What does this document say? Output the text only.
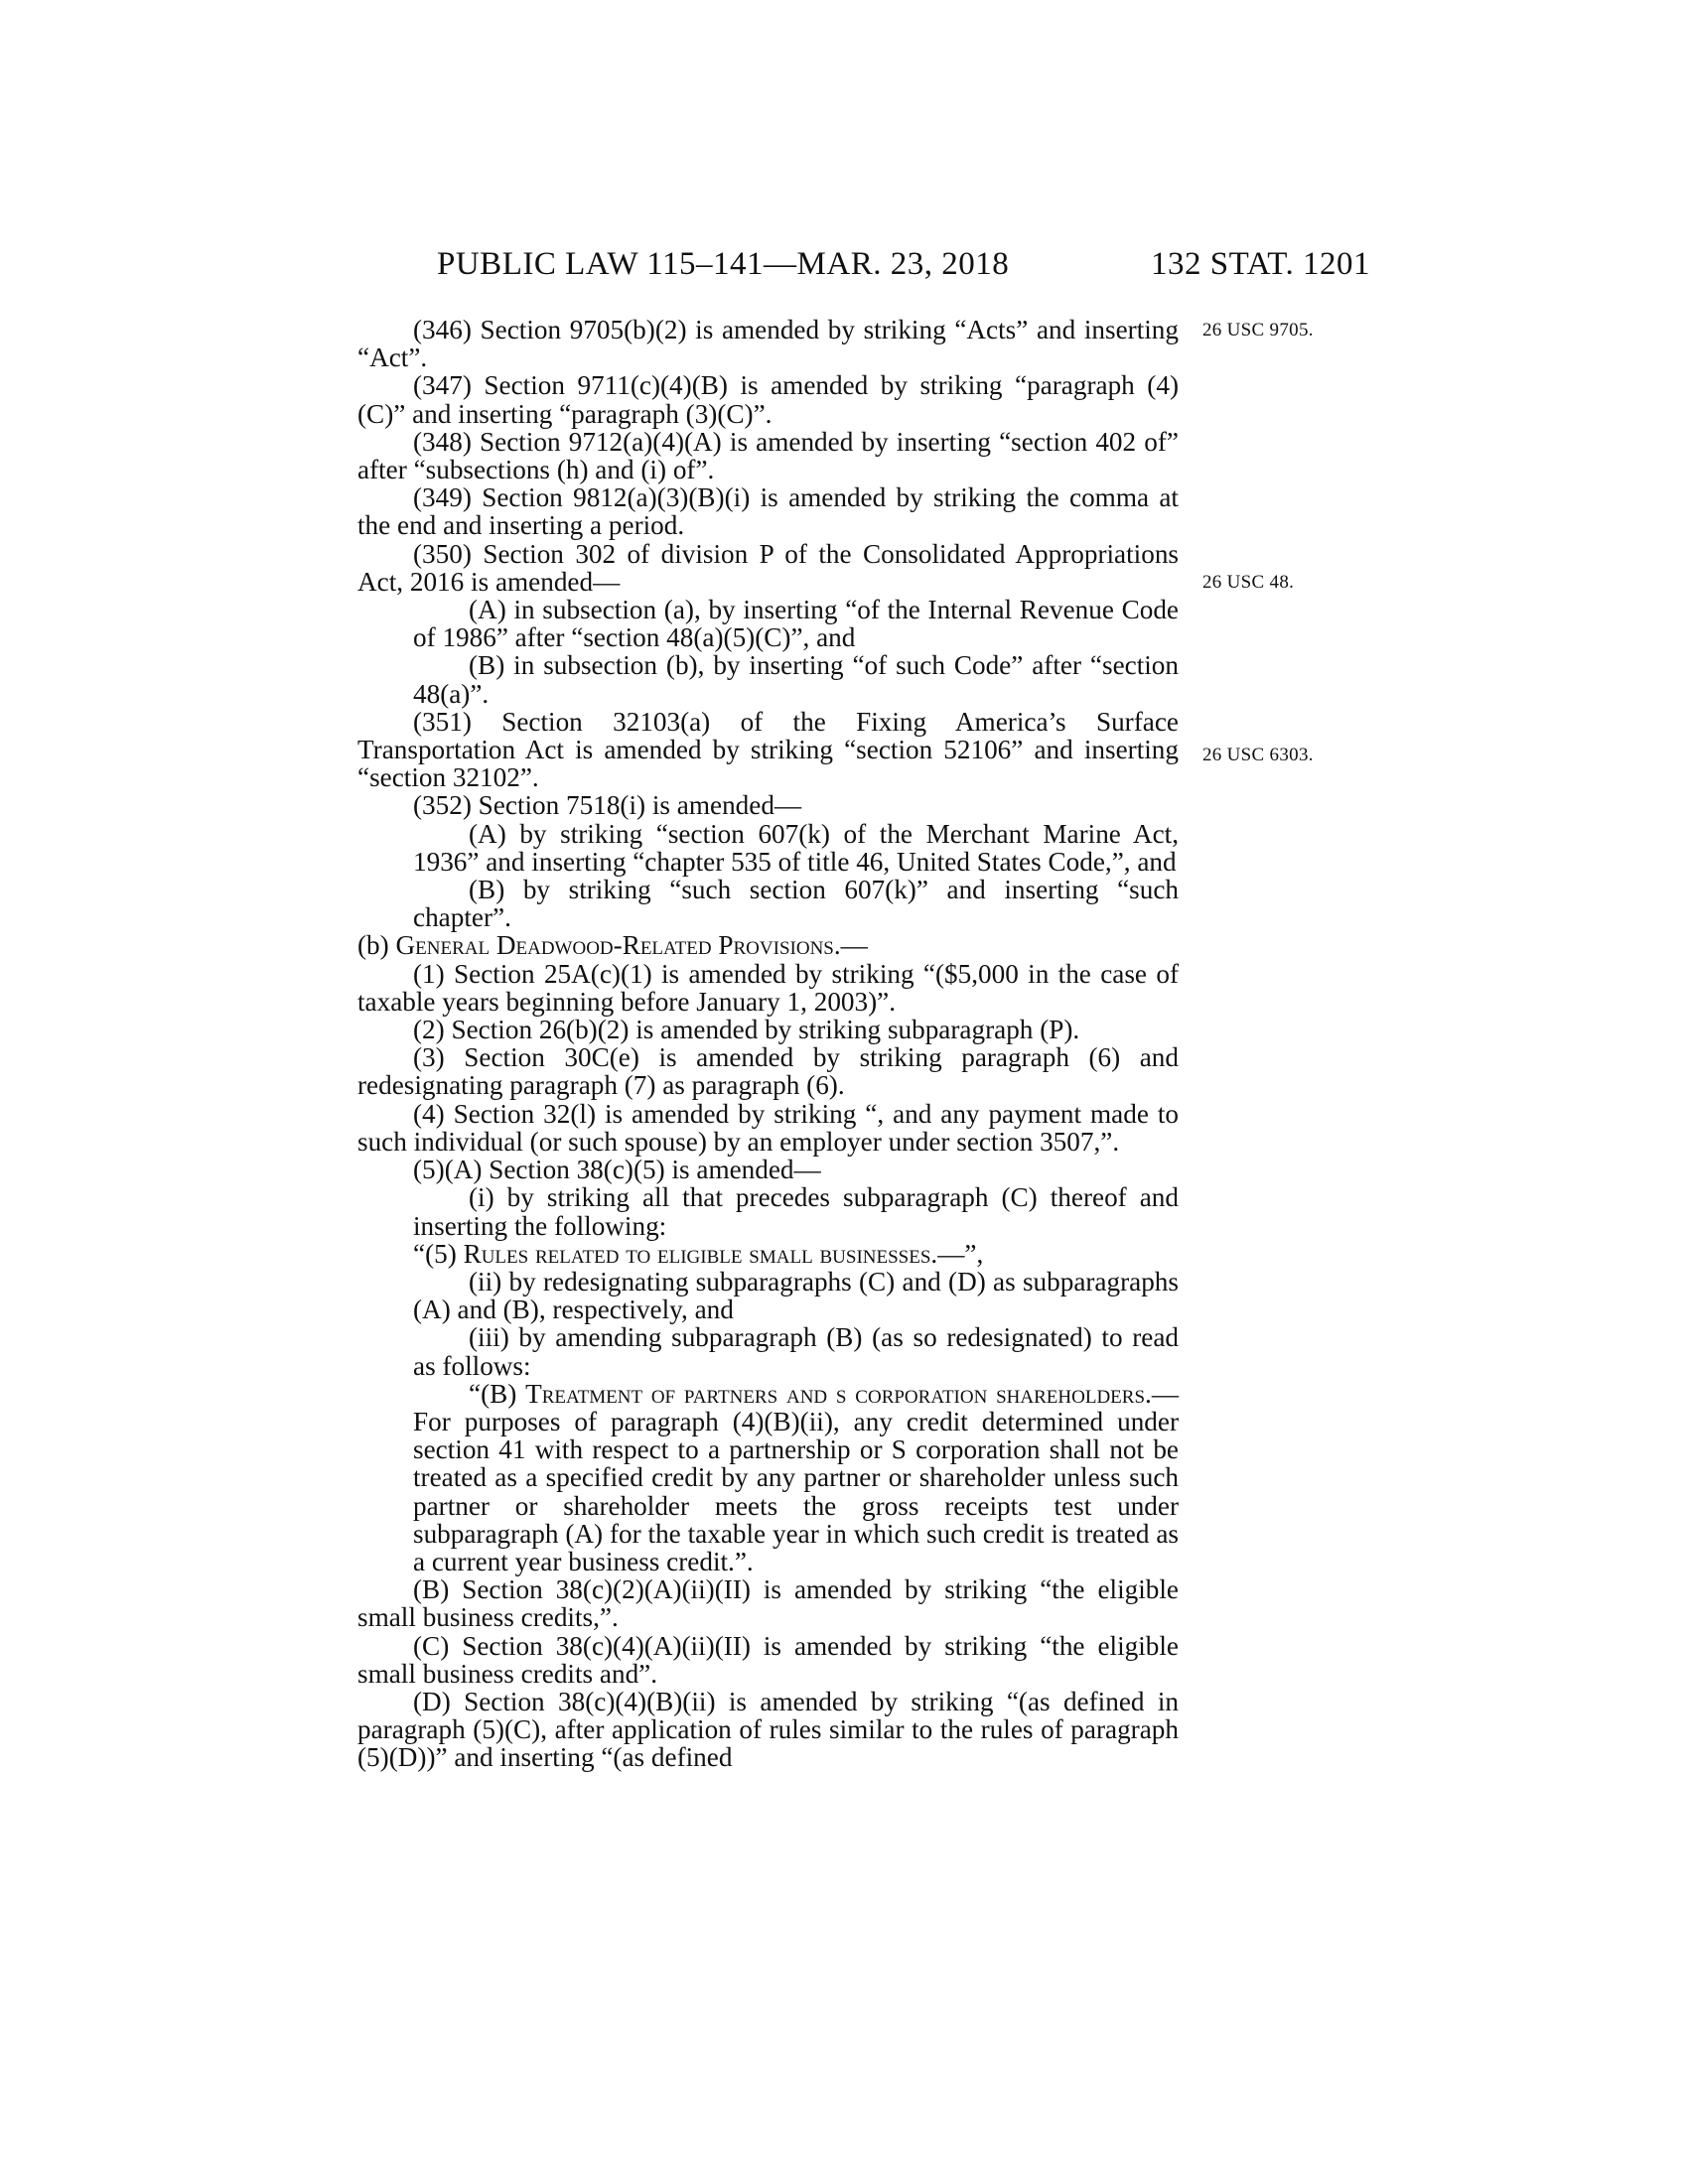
PUBLIC LAW 115–141—MAR. 23, 2018	132 STAT. 1201

(346) Section 9705(b)(2) is amended by striking “Acts” and inserting “Act”.

(347) Section 9711(c)(4)(B) is amended by striking “paragraph (4)(C)” and inserting “paragraph (3)(C)”.

(348) Section 9712(a)(4)(A) is amended by inserting “section 402 of” after “subsections (h) and (i) of”.

(349) Section 9812(a)(3)(B)(i) is amended by striking the comma at the end and inserting a period.

(350) Section 302 of division P of the Consolidated Appropriations Act, 2016 is amended—

(A) in subsection (a), by inserting “of the Internal Revenue Code of 1986” after “section 48(a)(5)(C)”, and

(B) in subsection (b), by inserting “of such Code” after “section 48(a)”.

(351) Section 32103(a) of the Fixing America’s Surface Transportation Act is amended by striking “section 52106” and inserting “section 32102”.

(352) Section 7518(i) is amended—

(A) by striking “section 607(k) of the Merchant Marine Act, 1936” and inserting “chapter 535 of title 46, United States Code,”, and

(B) by striking “such section 607(k)” and inserting “such chapter”.

(b) General Deadwood-Related Provisions.—

(1) Section 25A(c)(1) is amended by striking “($5,000 in the case of taxable years beginning before January 1, 2003)”.

(2) Section 26(b)(2) is amended by striking subparagraph (P).

(3) Section 30C(e) is amended by striking paragraph (6) and redesignating paragraph (7) as paragraph (6).

(4) Section 32(l) is amended by striking “, and any payment made to such individual (or such spouse) by an employer under section 3507,”.

(5)(A) Section 38(c)(5) is amended—

(i) by striking all that precedes subparagraph (C) thereof and inserting the following:

“(5) Rules related to eligible small businesses.—”,

(ii) by redesignating subparagraphs (C) and (D) as subparagraphs (A) and (B), respectively, and

(iii) by amending subparagraph (B) (as so redesignated) to read as follows:

“(B) Treatment of partners and s corporation shareholders.—For purposes of paragraph (4)(B)(ii), any credit determined under section 41 with respect to a partnership or S corporation shall not be treated as a specified credit by any partner or shareholder unless such partner or shareholder meets the gross receipts test under subparagraph (A) for the taxable year in which such credit is treated as a current year business credit.”.

(B) Section 38(c)(2)(A)(ii)(II) is amended by striking “the eligible small business credits,”.

(C) Section 38(c)(4)(A)(ii)(II) is amended by striking “the eligible small business credits and”.

(D) Section 38(c)(4)(B)(ii) is amended by striking “(as defined in paragraph (5)(C), after application of rules similar to the rules of paragraph (5)(D))” and inserting “(as defined

26 USC 9705.
26 USC 48.
26 USC 6303.
